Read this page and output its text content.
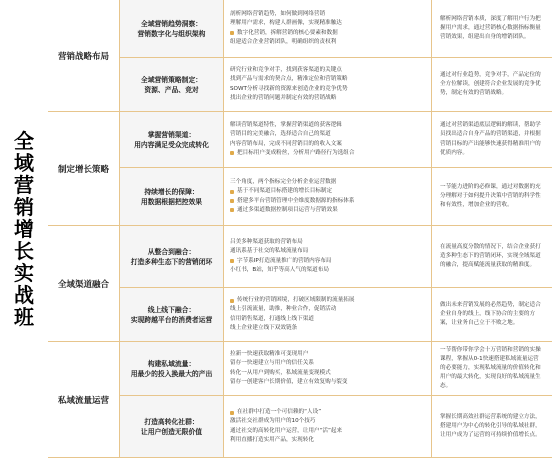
全
域
营
销
增
长
实
战
班
营销战略布局
制定增长策略
全域渠道融合
私域流量运营
全域营销趋势洞察：
营销数字化与组织架构
剖析网络营销趋势，如何做到网络营销
理解用户需求，构建人群画像，实现精准触达
数字化营销，拆解营销的核心要素和数据
组建适合企业营销团队，明确组织的责权利
解析网络营销本质，深度了解用户行为把握用户需求，通过营销核心数据指标衡量营销效果，组建出自身的增销团队。
全域营销策略制定：
资源、产品、竞对
研究行业和竞争对手，找到获客渠道的关键点
找到产品与需求的契合点，精准定位和营销策略
SOWT分析寻找新的资源来创造企业的竞争优势
找出企业的营销问题并制定有效的营销战略
通过对行业趋势，竞争对手，产品定位的全方位解读，创建符合企业发展的竞争优势，制定有效的营销战略。
掌握营销渠道：
用内容满足受众完成转化
解读营销渠道特性，掌握营销渠道的获客逻辑
营销目的完美融合，选择适合自己的渠道
内容营销布局，完成不同营销目的的收入文案
把目标用户变成粉丝，分析用户路径行为选组合
通过对营销渠道底层逻辑的解读，帮助学员找出适合自身产品的营销渠道，并根据营销目标的产出能够快速获得精准用户的优质内容。
持续增长的保障：
用数据根据把控效果
三个角度，两个指标完全分析企业运营数据
基于不同渠道目标搭建的增长目标制定
搭建多平台营销管理中全维度数据源的指标体系
通过多渠道数据控制项目运营与营销效果
一节能力进阶的必修课，通过对数据的充分理解对于如何提升决策中营销的科学性和有效性，增加企业的营收。
从整合到融合：
打造多种生态下的营销闭环
吕美多种渠道获取的营销布局
通讯系基于社交的私域流量布局
字节系IP打造流量推广的营销内容布局
小红书，B站，知乎等高人气的渠道布局
在流量高度分散的情况下，结合企业获打造多种生态下的营销闭环，实现全域渠道的融合，提高赋能流量获取的精准度。
线上线下融合：
实现跨越平台的消费者运营
传统行业的营销困境，打破区域限制的流量拓展
线上引流流量，助推，种业合作，促销活动
信用销售渠道，打通线上线下渠道
线上企业建立线下双效链条
做出未来营销发展的必然趋势，制定适合企业自身的线上，线下协合的主要的方案，让业务自己立于不败之地。
构建私域流量：
用最少的投入换最大的产出
拉新一快速获取精准可变现用户
留存一快速建立与用户的信任关系
转化一从用户到购买，私域流量变现模式
留存一创建客户长期价值，建立有效复购与裂变
一节帮你带你学会十万营销和营销的实操课程，掌握从0-1快速搭建私域流量运营的必要能力，实现私域流量的价值转化和用户的最大转化，实现良好的私域流量生态。
打造高转化社群：
让用户创造无限价值
在社群中打造一个可信赖的“人设”
激活社交社群成为用户的10个技巧
通过社交的高转化用户运营，让用户“活”起来
利用直播打造实用产品，实现转化
掌握长期高效社群运营系统的建立方法，搭建用户为中心的转化引导的私域社群，让用户成为了运营的可持续价值增长点。
